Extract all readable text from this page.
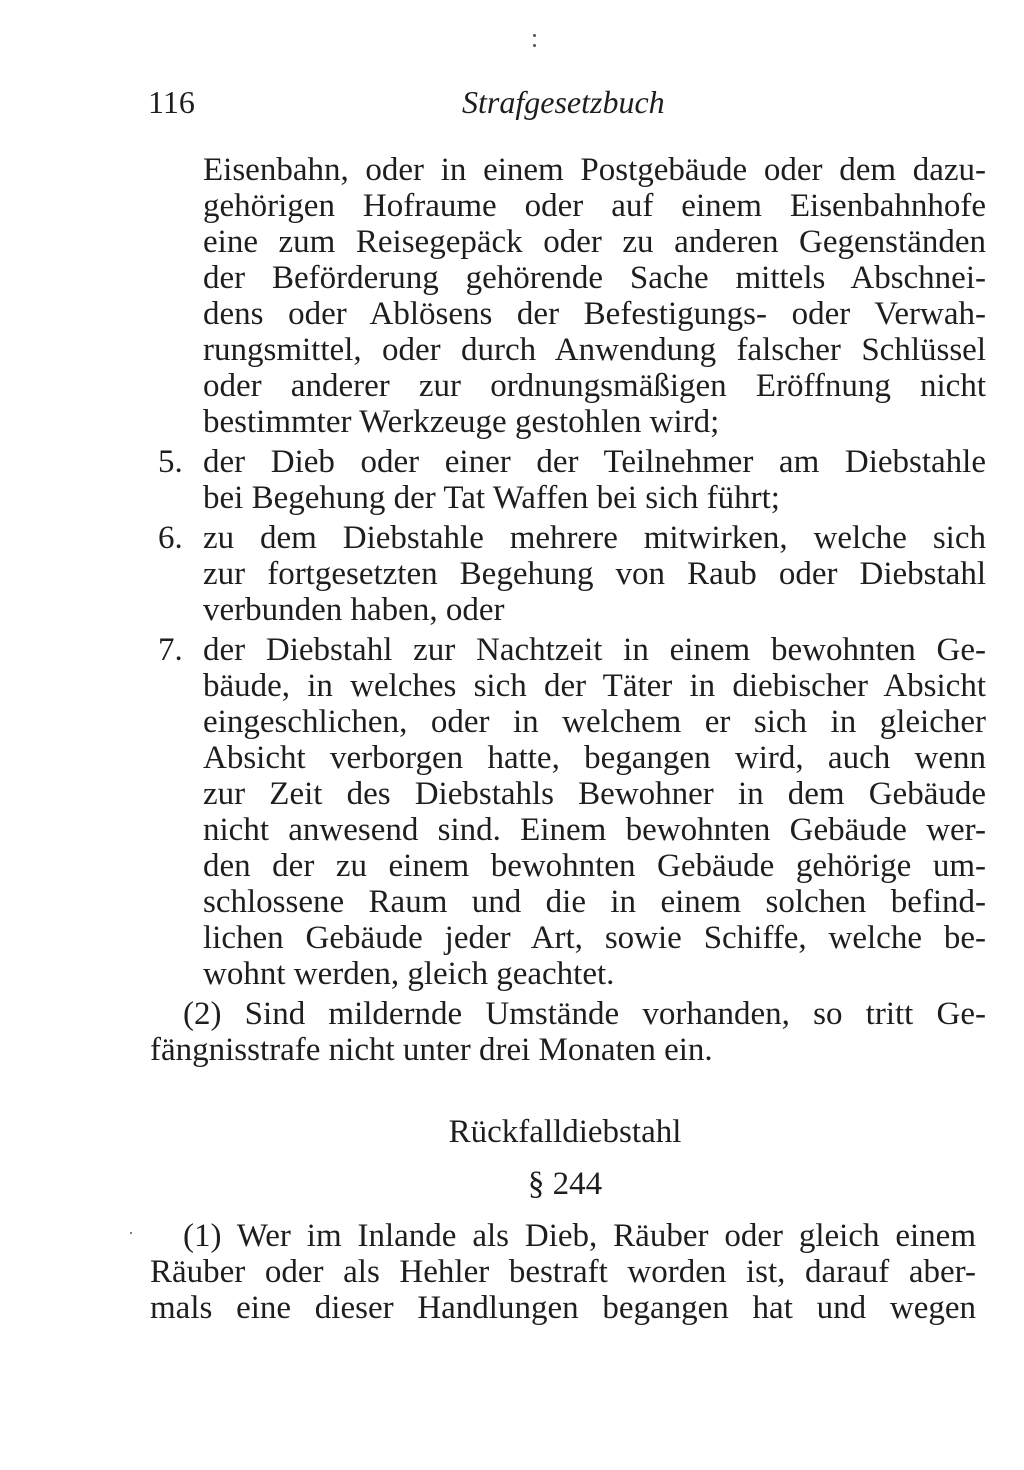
116	Strafgesetzbuch
Eisenbahn, oder in einem Postgebäude oder dem dazu-
gehörigen Hofraume oder auf einem Eisenbahnhofe
eine zum Reisegepäck oder zu anderen Gegenständen
der Beförderung gehörende Sache mittels Abschnei-
dens oder Ablösens der Befestigungs- oder Verwah-
rungsmittel, oder durch Anwendung falscher Schlüssel
oder anderer zur ordnungsmäßigen Eröffnung nicht
bestimmter Werkzeuge gestohlen wird;
5. der Dieb oder einer der Teilnehmer am Diebstahle
bei Begehung der Tat Waffen bei sich führt;
6. zu dem Diebstahle mehrere mitwirken, welche sich
zur fortgesetzten Begehung von Raub oder Diebstahl
verbunden haben, oder
7. der Diebstahl zur Nachtzeit in einem bewohnten Ge-
bäude, in welches sich der Täter in diebischer Absicht
eingeschlichen, oder in welchem er sich in gleicher
Absicht verborgen hatte, begangen wird, auch wenn
zur Zeit des Diebstahls Bewohner in dem Gebäude
nicht anwesend sind. Einem bewohnten Gebäude wer-
den der zu einem bewohnten Gebäude gehörige um-
schlossene Raum und die in einem solchen befind-
lichen Gebäude jeder Art, sowie Schiffe, welche be-
wohnt werden, gleich geachtet.
(2) Sind mildernde Umstände vorhanden, so tritt Ge-
fängnisstrafe nicht unter drei Monaten ein.
Rückfalldiebstahl
§ 244
(1) Wer im Inlande als Dieb, Räuber oder gleich einem
Räuber oder als Hehler bestraft worden ist, darauf aber-
mals eine dieser Handlungen begangen hat und wegen
